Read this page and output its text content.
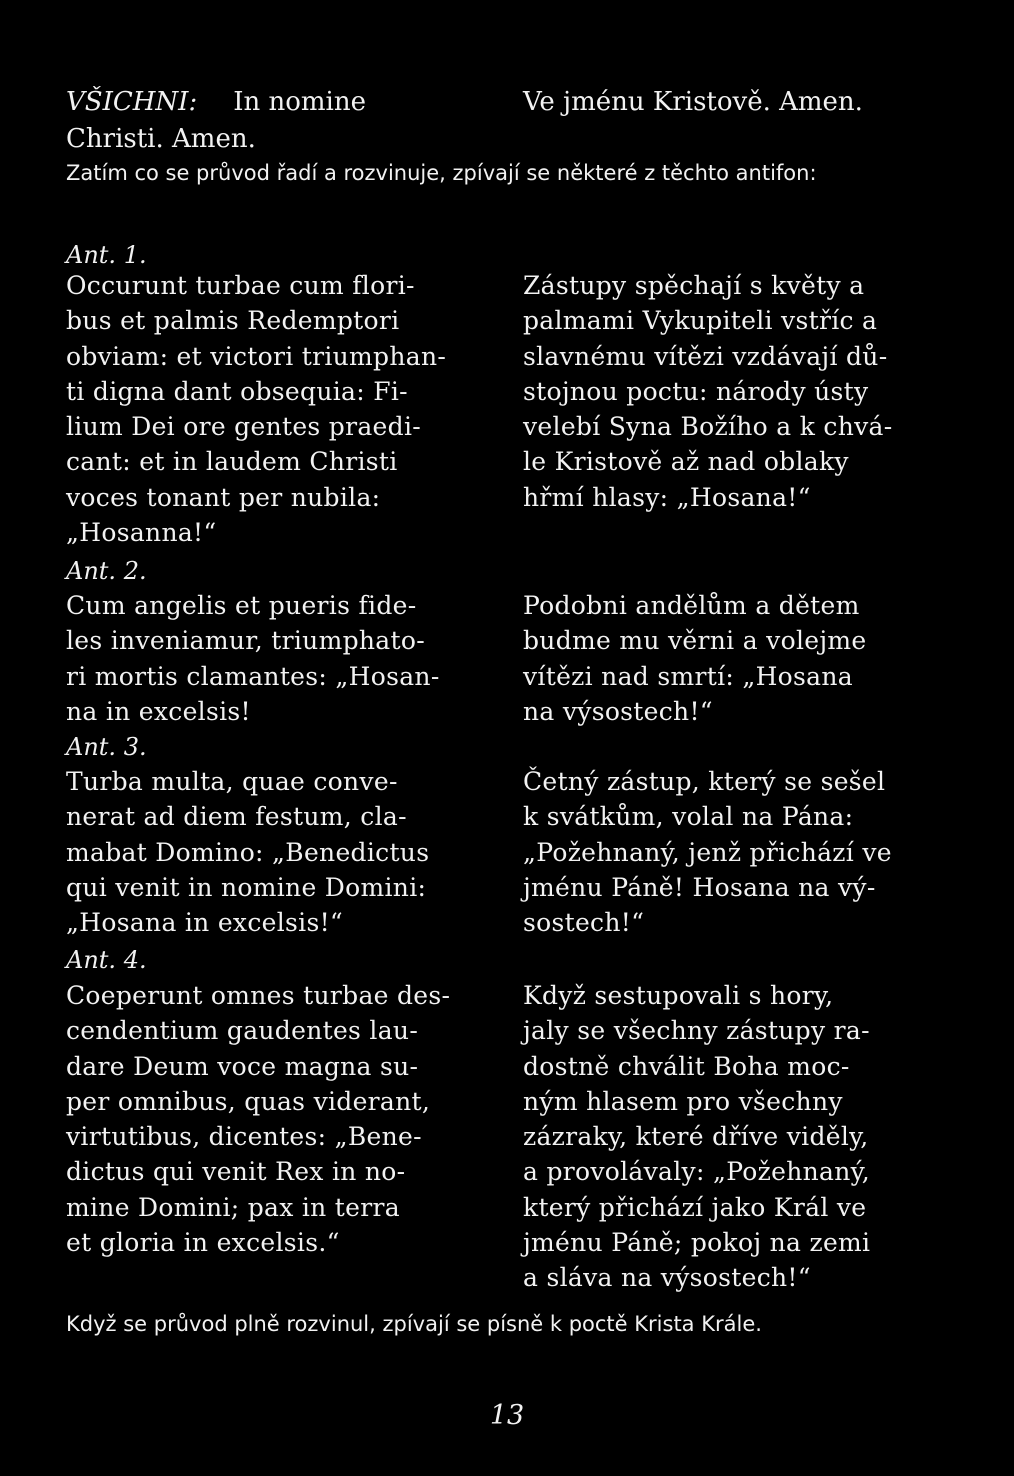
VŠICHNI: In nomine
Christi. Amen.

Ve jménu Kristově. Amen.

Zatím co se průvod řadí a rozvinuje, zpívají se některé z těchto antifon:

Ant. 1.

Occurunt turbae cum flori-
bus et palmis Redemptori
obviam: et victori triumphan-
ti digna dant obsequia: Fi-
lium Dei ore gentes praedi-
cant: et in laudem Christi
voces tonant per nubila:
„Hosanna!“
Zástupy spěchají s květy a
palmami Vykupiteli vstříc a
slavnému vítězi vzdávají dů-
stojnou poctu: národy ústy
velebí Syna Božího a k chvá-
le Kristově až nad oblaky
hřmí hlasy: „Hosana!“

Ant. 2.

Cum angelis et pueris fide-
les inveniamur, triumphato-
ri mortis clamantes: „Hosan-
na in excelsis!
Podobni andělům a dětem
budme mu věrni a volejme
vítězi nad smrtí: „Hosana
na výsostech!“

Ant. 3.

Turba multa, quae conve-
nerat ad diem festum, cla-
mabat Domino: „Benedictus
qui venit in nomine Domini:
„Hosana in excelsis!“
Četný zástup, který se sešel
k svátkům, volal na Pána:
„Požehnaný, jenž přichází ve
jménu Páně! Hosana na vý-
sostech!“

Ant. 4.

Coeperunt omnes turbae des-
cendentium gaudentes lau-
dare Deum voce magna su-
per omnibus, quas viderant,
virtutibus, dicentes: „Bene-
dictus qui venit Rex in no-
mine Domini; pax in terra
et gloria in excelsis.“
Když sestupovali s hory,
jaly se všechny zástupy ra-
dostně chválit Boha moc-
ným hlasem pro všechny
zázraky, které dříve viděly,
a provolávaly: „Požehnaný,
který přichází jako Král ve
jménu Páně; pokoj na zemi
a sláva na výsostech!“

Když se průvod plně rozvinul, zpívají se písně k poctě Krista Krále.

13
